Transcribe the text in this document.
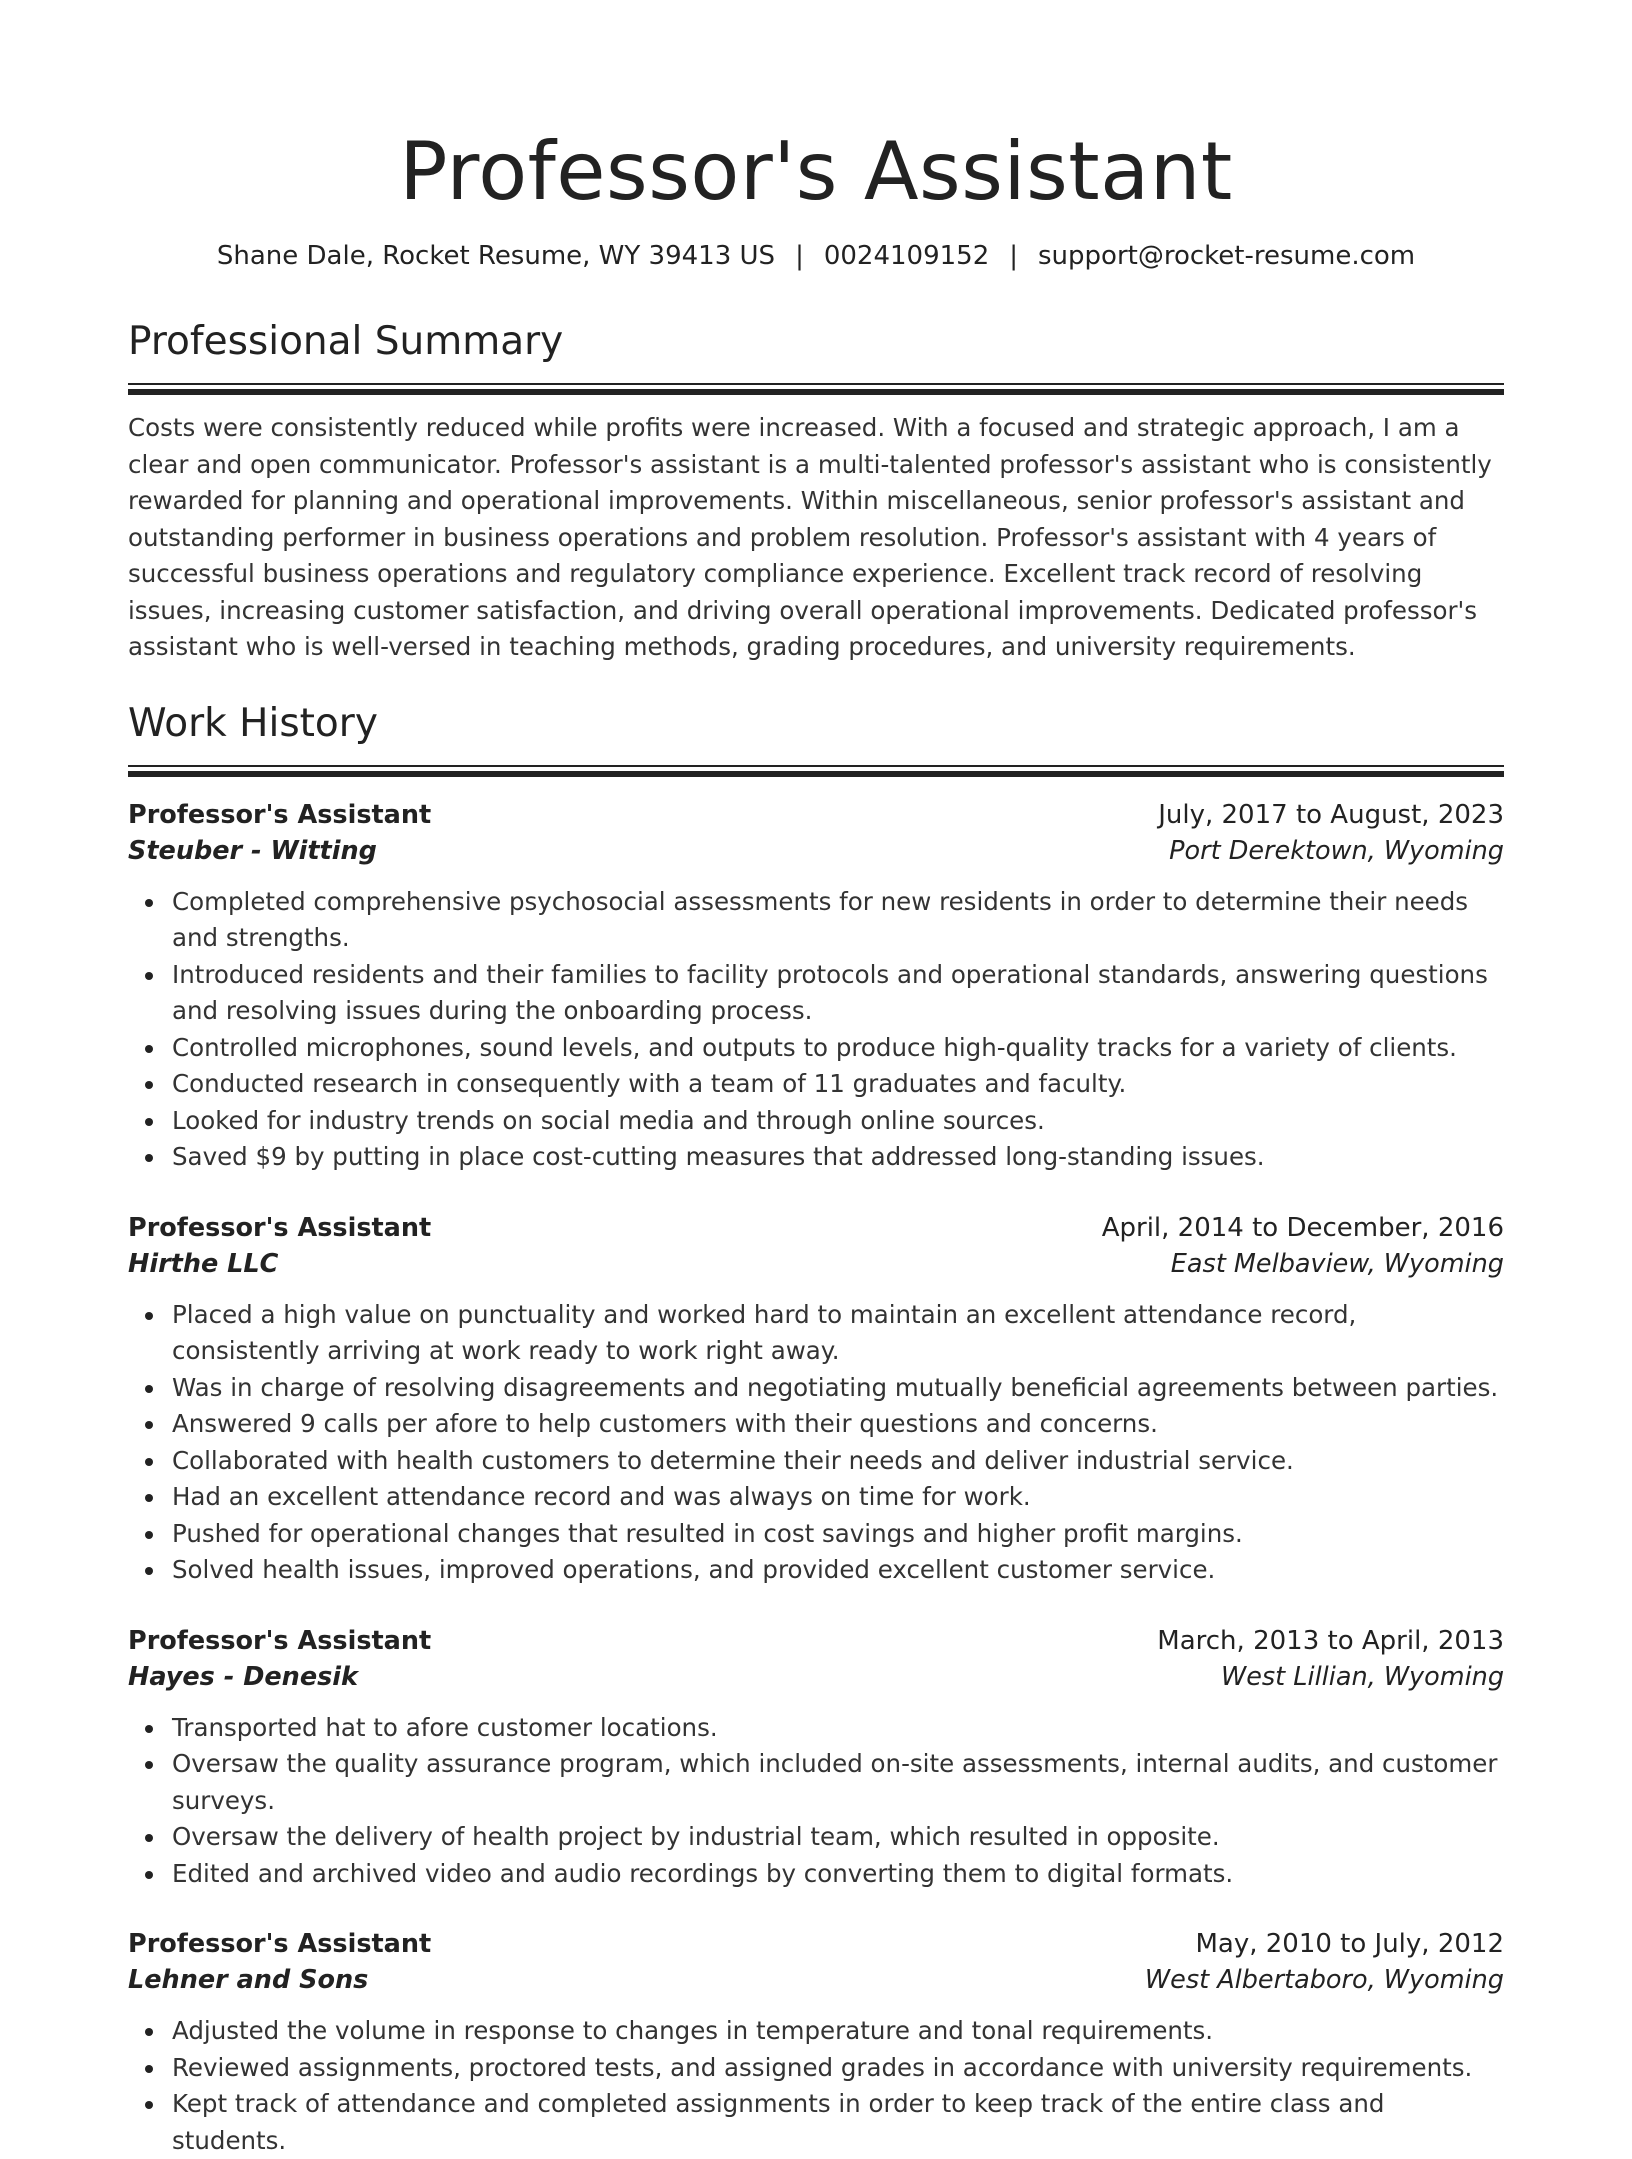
Professor's Assistant
Shane Dale, Rocket Resume, WY 39413 US | 0024109152 | support@rocket-resume.com
Professional Summary
Costs were consistently reduced while profits were increased. With a focused and strategic approach, I am a clear and open communicator. Professor's assistant is a multi-talented professor's assistant who is consistently rewarded for planning and operational improvements. Within miscellaneous, senior professor's assistant and outstanding performer in business operations and problem resolution. Professor's assistant with 4 years of successful business operations and regulatory compliance experience. Excellent track record of resolving issues, increasing customer satisfaction, and driving overall operational improvements. Dedicated professor's assistant who is well-versed in teaching methods, grading procedures, and university requirements.
Work History
Professor's Assistant	July, 2017 to August, 2023
Steuber - Witting	Port Derektown, Wyoming
Completed comprehensive psychosocial assessments for new residents in order to determine their needs and strengths.
Introduced residents and their families to facility protocols and operational standards, answering questions and resolving issues during the onboarding process.
Controlled microphones, sound levels, and outputs to produce high-quality tracks for a variety of clients.
Conducted research in consequently with a team of 11 graduates and faculty.
Looked for industry trends on social media and through online sources.
Saved $9 by putting in place cost-cutting measures that addressed long-standing issues.
Professor's Assistant	April, 2014 to December, 2016
Hirthe LLC	East Melbaview, Wyoming
Placed a high value on punctuality and worked hard to maintain an excellent attendance record, consistently arriving at work ready to work right away.
Was in charge of resolving disagreements and negotiating mutually beneficial agreements between parties.
Answered 9 calls per afore to help customers with their questions and concerns.
Collaborated with health customers to determine their needs and deliver industrial service.
Had an excellent attendance record and was always on time for work.
Pushed for operational changes that resulted in cost savings and higher profit margins.
Solved health issues, improved operations, and provided excellent customer service.
Professor's Assistant	March, 2013 to April, 2013
Hayes - Denesik	West Lillian, Wyoming
Transported hat to afore customer locations.
Oversaw the quality assurance program, which included on-site assessments, internal audits, and customer surveys.
Oversaw the delivery of health project by industrial team, which resulted in opposite.
Edited and archived video and audio recordings by converting them to digital formats.
Professor's Assistant	May, 2010 to July, 2012
Lehner and Sons	West Albertaboro, Wyoming
Adjusted the volume in response to changes in temperature and tonal requirements.
Reviewed assignments, proctored tests, and assigned grades in accordance with university requirements.
Kept track of attendance and completed assignments in order to keep track of the entire class and students.
